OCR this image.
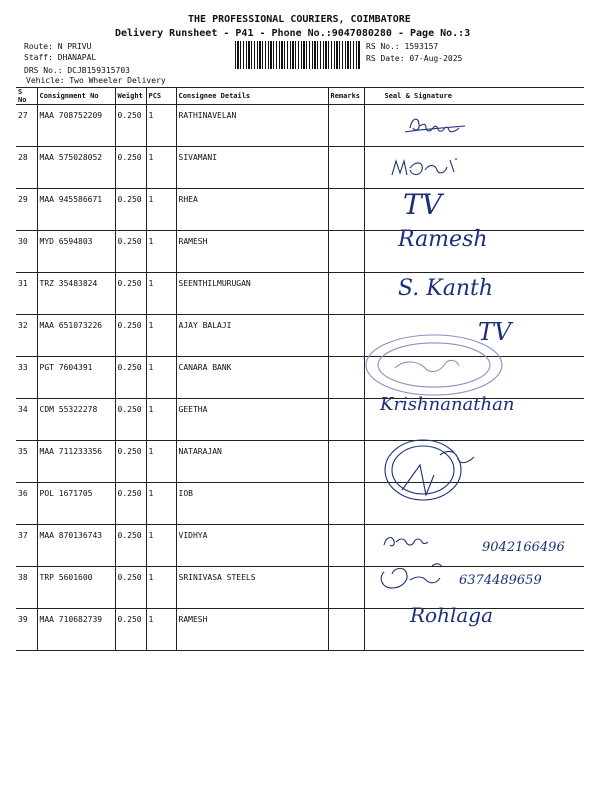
THE PROFESSIONAL COURIERS, COIMBATORE
Delivery Runsheet - P41 - Phone No.:9047080280 - Page No.:3
Route: N PRIVU
Staff: DHANAPAL
DRS No.: DCJB159315703
Vehicle: Two Wheeler Delivery
RS No.: 1593157
RS Date: 07-Aug-2025
S No	Consignment No	Weight	PCS	Consignee Details	Remarks	Seal & Signature
27	MAA 708752209	0.250	1	RATHINAVELAN		
28	MAA 575028052	0.250	1	SIVAMANI		
29	MAA 945586671	0.250	1	RHEA		
30	MYD 6594803	0.250	1	RAMESH		
31	TRZ 35483824	0.250	1	SEENTHILMURUGAN		
32	MAA 651073226	0.250	1	AJAY BALAJI		
33	PGT 7604391	0.250	1	CANARA BANK		
34	CDM 55322278	0.250	1	GEETHA		
35	MAA 711233356	0.250	1	NATARAJAN		
36	POL 1671705	0.250	1	IOB		
37	MAA 870136743	0.250	1	VIDHYA		
38	TRP 5601600	0.250	1	SRINIVASA STEELS		
39	MAA 710682739	0.250	1	RAMESH		
TV
Ramesh
S. Kanth
TV
Krishnanathan
9042166496
6374489659
Rohlaga
